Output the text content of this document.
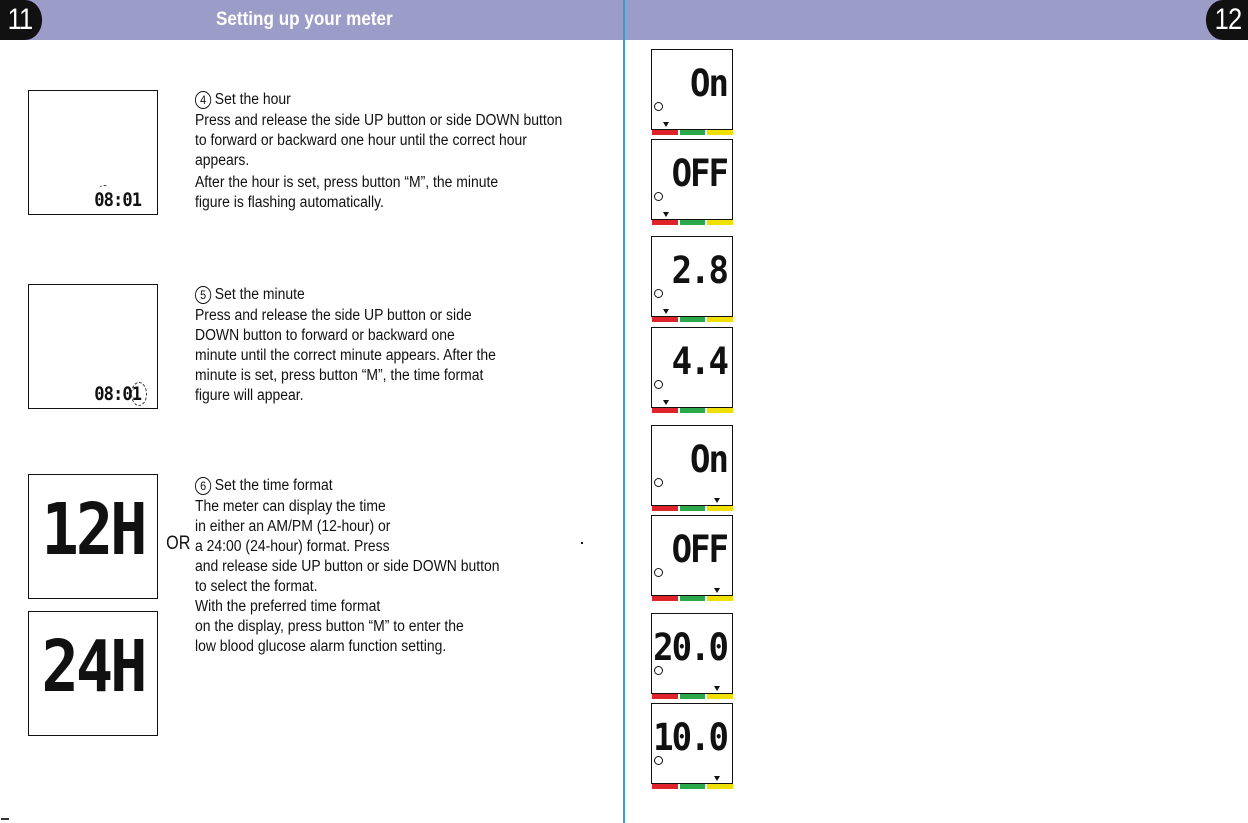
11	Setting up your meter	12
08:01
08:01
12H	OR
24H
4 Set the hour
Press and release the side UP button or side DOWN button
to forward or backward one hour until the correct hour
appears.
After the hour is set, press button “M”, the minute
figure is flashing automatically.
5 Set the minute
Press and release the side UP button or side
DOWN button to forward or backward one
minute until the correct minute appears. After the
minute is set, press button “M”, the time format
figure will appear.
6 Set the time format
The meter can display the time
in either an AM/PM (12-hour) or
a 24:00 (24-hour) format. Press
and release side UP button or side DOWN button
to select the format.
With the preferred time format
on the display, press button “M” to enter the
low blood glucose alarm function setting.
On
OFF
2.8
4.4
On
OFF
20.0
10.0
